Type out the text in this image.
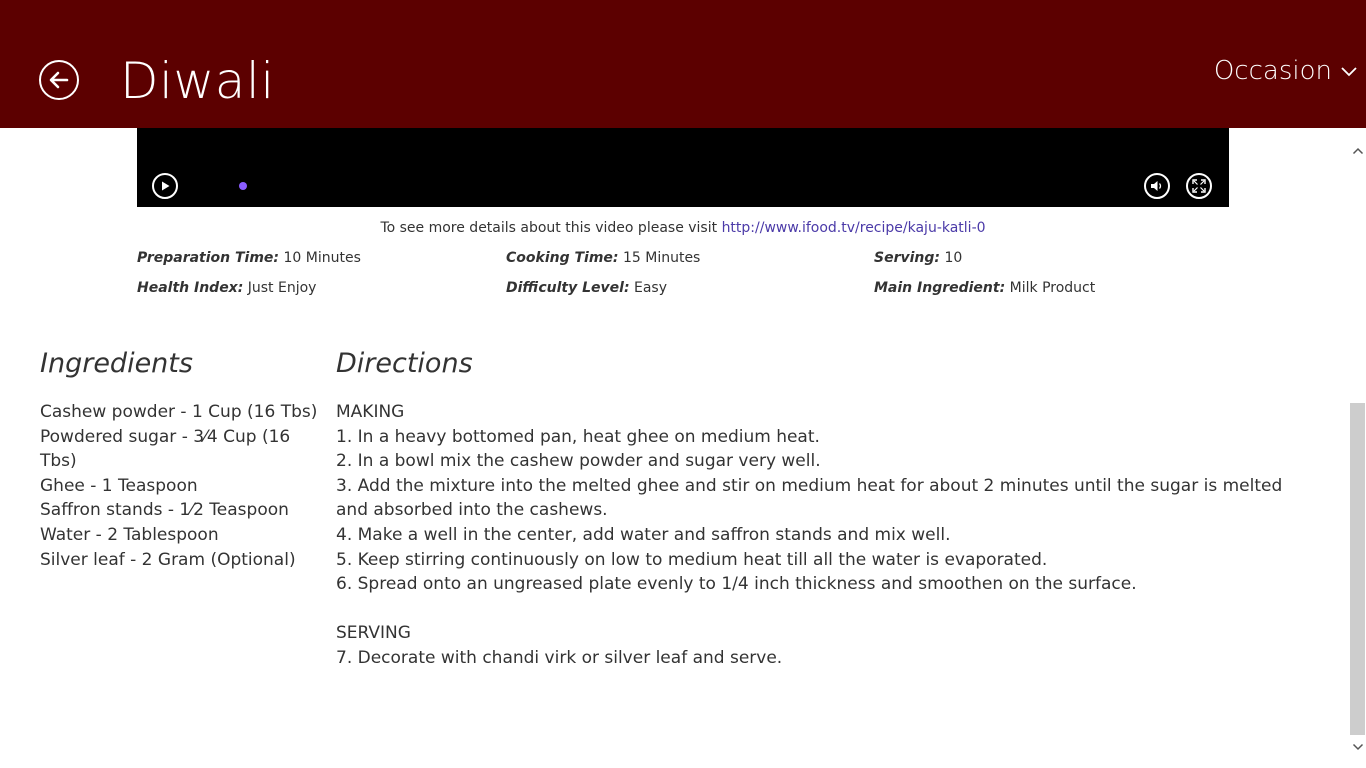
Diwali	Occasion
To see more details about this video please visit http://www.ifood.tv/recipe/kaju-katli-0
Preparation Time: 10 Minutes	Cooking Time: 15 Minutes	Serving: 10
Health Index: Just Enjoy	Difficulty Level: Easy	Main Ingredient: Milk Product
Ingredients	Directions
Cashew powder - 1 Cup (16 Tbs)
Powdered sugar - 3⁄4 Cup (16 Tbs)
Ghee - 1 Teaspoon
Saffron stands - 1⁄2 Teaspoon
Water - 2 Tablespoon
Silver leaf - 2 Gram (Optional)
MAKING
1. In a heavy bottomed pan, heat ghee on medium heat.
2. In a bowl mix the cashew powder and sugar very well.
3. Add the mixture into the melted ghee and stir on medium heat for about 2 minutes until the sugar is melted and absorbed into the cashews.
4. Make a well in the center, add water and saffron stands and mix well.
5. Keep stirring continuously on low to medium heat till all the water is evaporated.
6. Spread onto an ungreased plate evenly to 1/4 inch thickness and smoothen on the surface.
SERVING
7. Decorate with chandi virk or silver leaf and serve.
